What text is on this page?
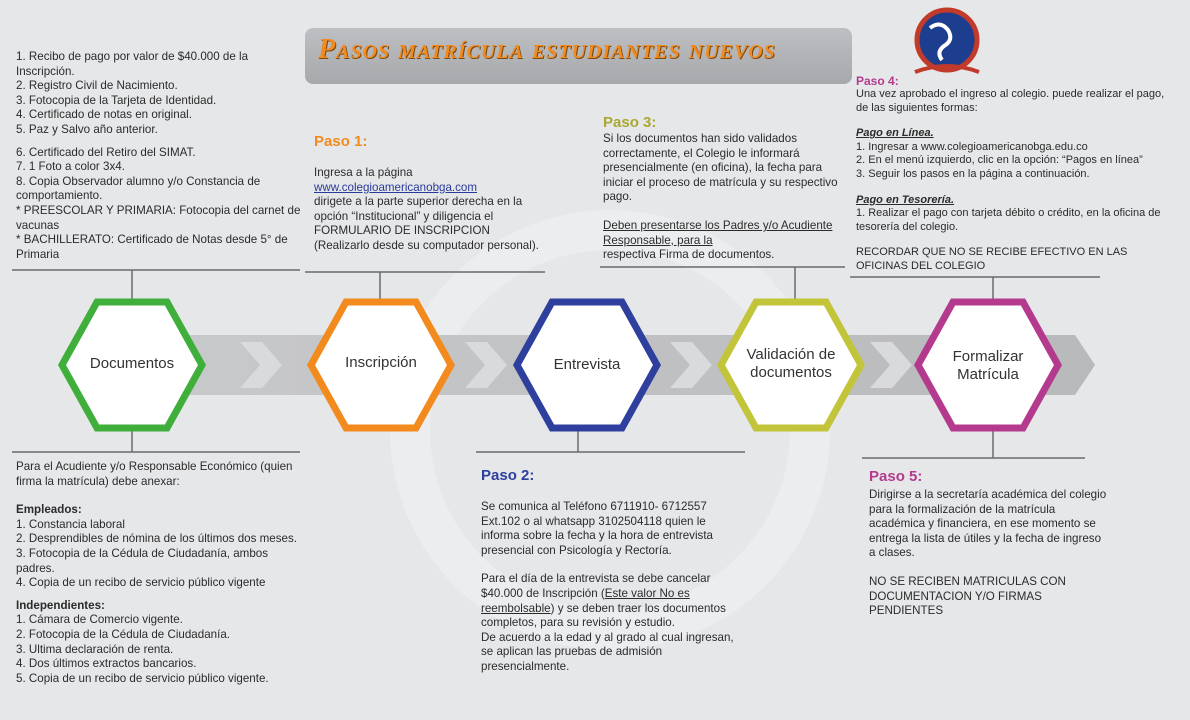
Pasos matrícula estudiantes nuevos
Documentos	Inscripción	Entrevista
Validación de documentos
Formalizar Matrícula
1. Recibo de pago por valor de $40.000 de la Inscripción.
2. Registro Civil de Nacimiento.
3. Fotocopia de la Tarjeta de Identidad.
4. Certificado de notas en original.
5. Paz y Salvo año anterior.
6. Certificado del Retiro del SIMAT.
7. 1 Foto a color 3x4.
8. Copia Observador alumno y/o Constancia de comportamiento.
* PREESCOLAR Y PRIMARIA: Fotocopia del carnet de vacunas
* BACHILLERATO: Certificado de Notas desde 5° de Primaria
Para el Acudiente y/o Responsable Económico (quien firma la matrícula) debe anexar:
Empleados:
1. Constancia laboral
2. Desprendibles de nómina de los últimos dos meses.
3. Fotocopia de la Cédula de Ciudadanía, ambos padres.
4. Copia de un recibo de servicio público vigente
Independientes:
1. Cámara de Comercio vigente.
2. Fotocopia de la Cédula de Ciudadanía.
3. Ultima declaración de renta.
4. Dos últimos extractos bancarios.
5. Copia de un recibo de servicio público vigente.
Paso 1:
Ingresa a la página
www.colegioamericanobga.com
dirigete a la parte superior derecha en la opción “Institucional” y diligencia el FORMULARIO DE INSCRIPCION (Realizarlo desde su computador personal).
Paso 2:
Se comunica al Teléfono 6711910- 6712557 Ext.102 o al whatsapp 3102504118 quien le informa sobre la fecha y la hora de entrevista presencial con Psicología y Rectoría.
Para el día de la entrevista se debe cancelar $40.000 de Inscripción (Este valor No es reembolsable) y se deben traer los documentos completos, para su revisión y estudio.
De acuerdo a la edad y al grado al cual ingresan, se aplican las pruebas de admisión presencialmente.
Paso 3:
Si los documentos han sido validados correctamente, el Colegio le informará presencialmente (en oficina), la fecha para iniciar el proceso de matrícula y su respectivo pago.
Deben presentarse los Padres y/o Acudiente Responsable, para la
respectiva Firma de documentos.
Paso 4:
Una vez aprobado el ingreso al colegio. puede realizar el pago, de las siguientes formas:
Pago en Línea.
1. Ingresar a www.colegioamericanobga.edu.co
2. En el menú izquierdo, clic en la opción: “Pagos en línea”
3. Seguir los pasos en la página a continuación.
Pago en Tesorería.
1. Realizar el pago con tarjeta débito o crédito, en la oficina de tesorería del colegio.
RECORDAR QUE NO SE RECIBE EFECTIVO EN LAS OFICINAS DEL COLEGIO
Paso 5:
Dirigirse a la secretaría académica del colegio para la formalización de la matrícula académica y financiera, en ese momento se entrega la lista de útiles y la fecha de ingreso a clases.
NO SE RECIBEN MATRICULAS CON DOCUMENTACION Y/O FIRMAS PENDIENTES
